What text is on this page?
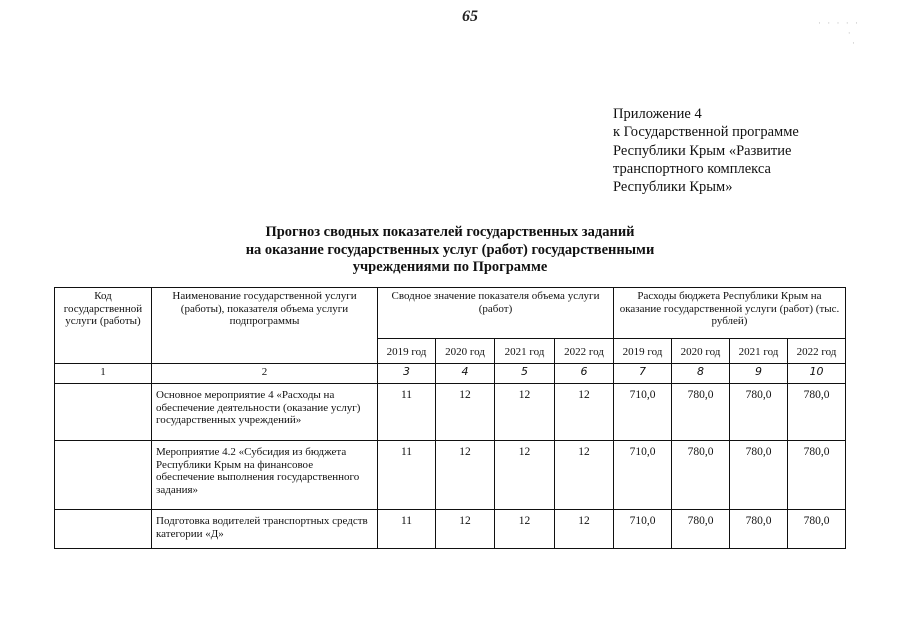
65	· · · · ·
·
·
Приложение 4
к Государственной программе
Республики Крым «Развитие
транспортного комплекса
Республики Крым»
Прогноз сводных показателей государственных заданий
на оказание государственных услуг (работ) государственными
учреждениями по Программе
Код государственной услуги (работы)	Наименование государственной услуги (работы), показателя объема услуги подпрограммы	Сводное значение показателя объема услуги (работ)				Расходы бюджета Республики Крым на оказание государственной услуги (работ) (тыс. рублей)			
		2019 год	2020 год	2021 год	2022 год	2019 год	2020 год	2021 год	2022 год
1	2	3	4	5	6	7	8	9	10
	Основное мероприятие 4 «Расходы на обеспечение деятельности (оказание услуг) государственных учреждений»	11	12	12	12	710,0	780,0	780,0	780,0
	Мероприятие 4.2 «Субсидия из бюджета Республики Крым на финансовое обеспечение выполнения государственного задания»	11	12	12	12	710,0	780,0	780,0	780,0
	Подготовка водителей транспортных средств категории «Д»	11	12	12	12	710,0	780,0	780,0	780,0
